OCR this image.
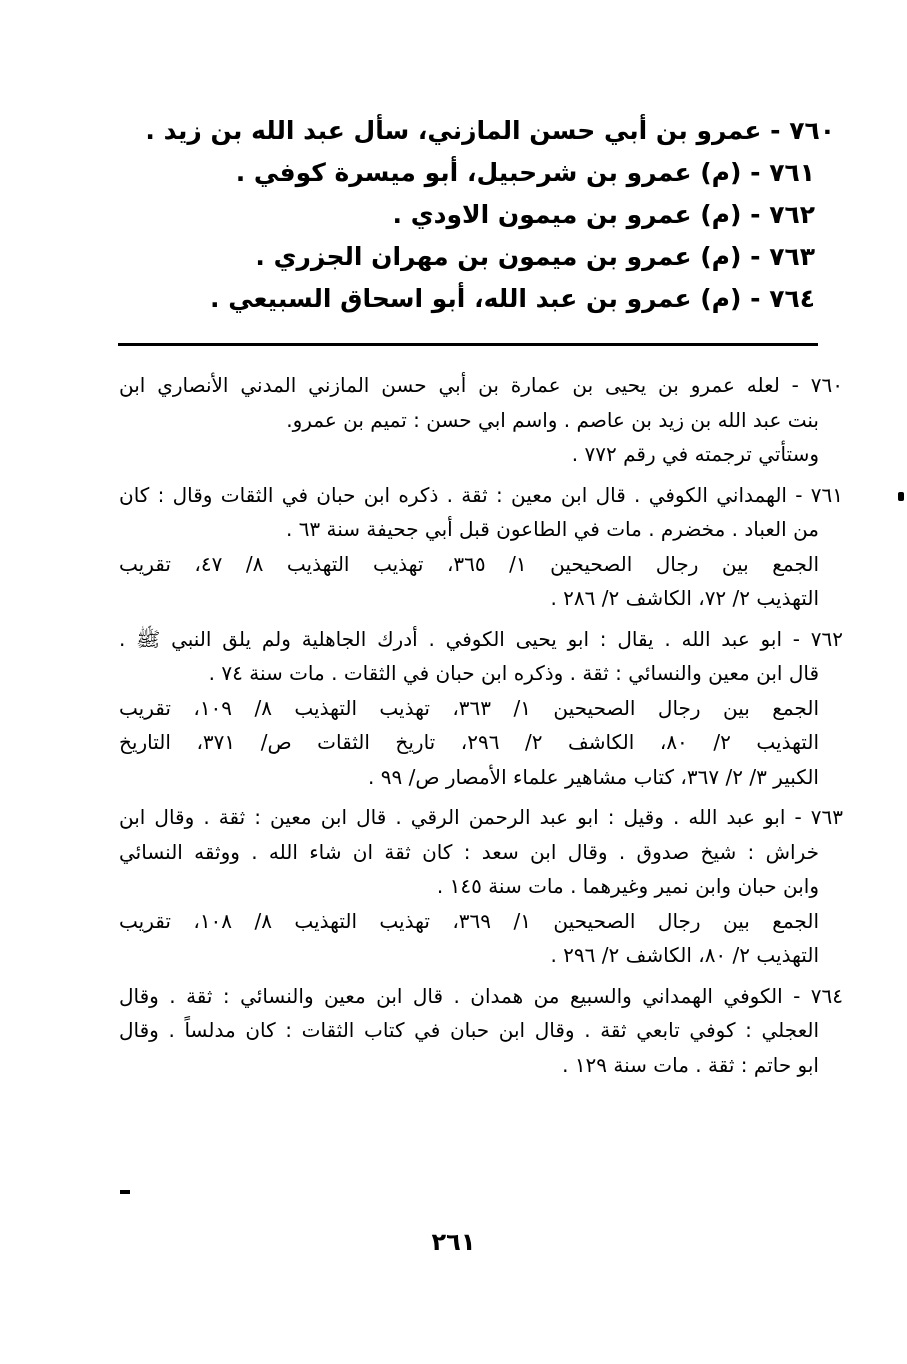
٧٦٠ - عمرو بن أبي حسن المازني، سأل عبد الله بن زيد .
٧٦١ - (م) عمرو بن شرحبيل، أبو ميسرة كوفي .
٧٦٢ - (م) عمرو بن ميمون الاودي .
٧٦٣ - (م) عمرو بن ميمون بن مهران الجزري .
٧٦٤ - (م) عمرو بن عبد الله، أبو اسحاق السبيعي .
٧٦٠ - لعله عمرو بن يحيى بن عمارة بن أبي حسن المازني المدني الأنصاري ابن
بنت عبد الله بن زيد بن عاصم . واسم ابي حسن : تميم بن عمرو.
وستأتي ترجمته في رقم ٧٧٢ .
٧٦١ - الهمداني الكوفي . قال ابن معين : ثقة . ذكره ابن حبان في الثقات وقال : كان
من العباد . مخضرم . مات في الطاعون قبل أبي جحيفة سنة ٦٣ .
الجمع بين رجال الصحيحين ١/ ٣٦٥، تهذيب التهذيب ٨/ ٤٧، تقريب
التهذيب ٢/ ٧٢، الكاشف ٢/ ٢٨٦ .
٧٦٢ - ابو عبد الله . يقال : ابو يحيى الكوفي . أدرك الجاهلية ولم يلق النبي ﷺ .
قال ابن معين والنسائي : ثقة . وذكره ابن حبان في الثقات . مات سنة ٧٤ .
الجمع بين رجال الصحيحين ١/ ٣٦٣، تهذيب التهذيب ٨/ ١٠٩، تقريب
التهذيب ٢/ ٨٠، الكاشف ٢/ ٢٩٦، تاريخ الثقات ص/ ٣٧١، التاريخ
الكبير ٣/ ٢/ ٣٦٧، كتاب مشاهير علماء الأمصار ص/ ٩٩ .
٧٦٣ - ابو عبد الله . وقيل : ابو عبد الرحمن الرقي . قال ابن معين : ثقة . وقال ابن
خراش : شيخ صدوق . وقال ابن سعد : كان ثقة ان شاء الله . ووثقه النسائي
وابن حبان وابن نمير وغيرهما . مات سنة ١٤٥ .
الجمع بين رجال الصحيحين ١/ ٣٦٩، تهذيب التهذيب ٨/ ١٠٨، تقريب
التهذيب ٢/ ٨٠، الكاشف ٢/ ٢٩٦ .
٧٦٤ - الكوفي الهمداني والسبيع من همدان . قال ابن معين والنسائي : ثقة . وقال
العجلي : كوفي تابعي ثقة . وقال ابن حبان في كتاب الثقات : كان مدلساً . وقال
ابو حاتم : ثقة . مات سنة ١٢٩ .
٢٦١
